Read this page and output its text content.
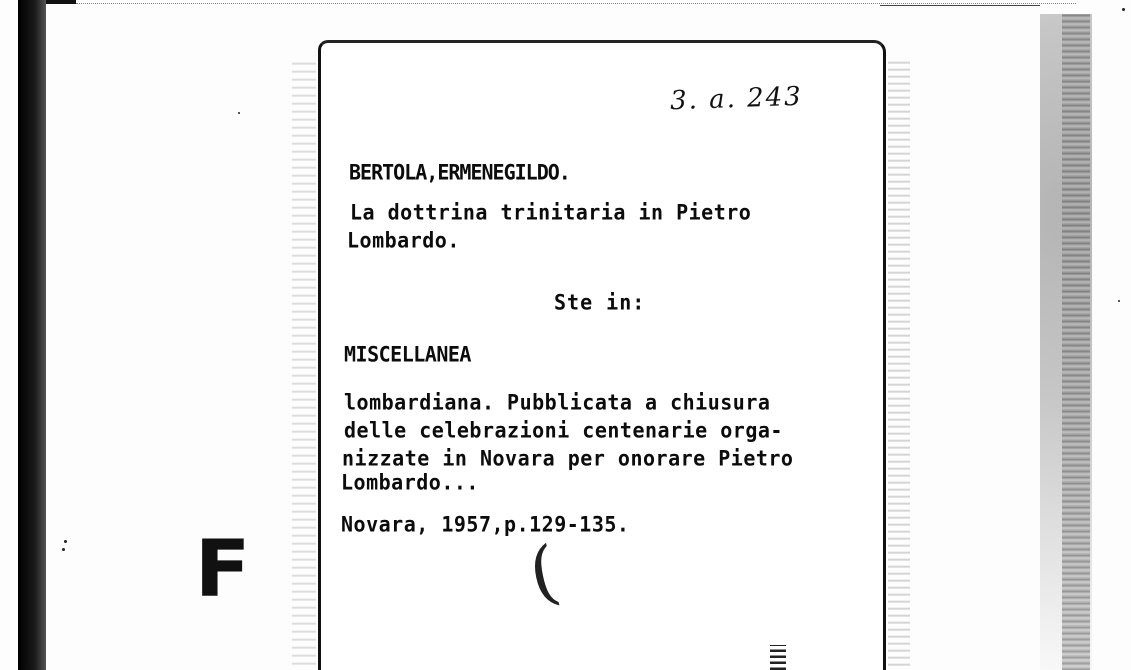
3. a. 243
BERTOLA,ERMENEGILDO.
La dottrina trinitaria in Pietro
Lombardo.
Ste in:
MISCELLANEA
lombardiana. Pubblicata a chiusura
delle celebrazioni centenarie orga-
nizzate in Novara per onorare Pietro
Lombardo...
Novara, 1957,p.129-135.
(
F
